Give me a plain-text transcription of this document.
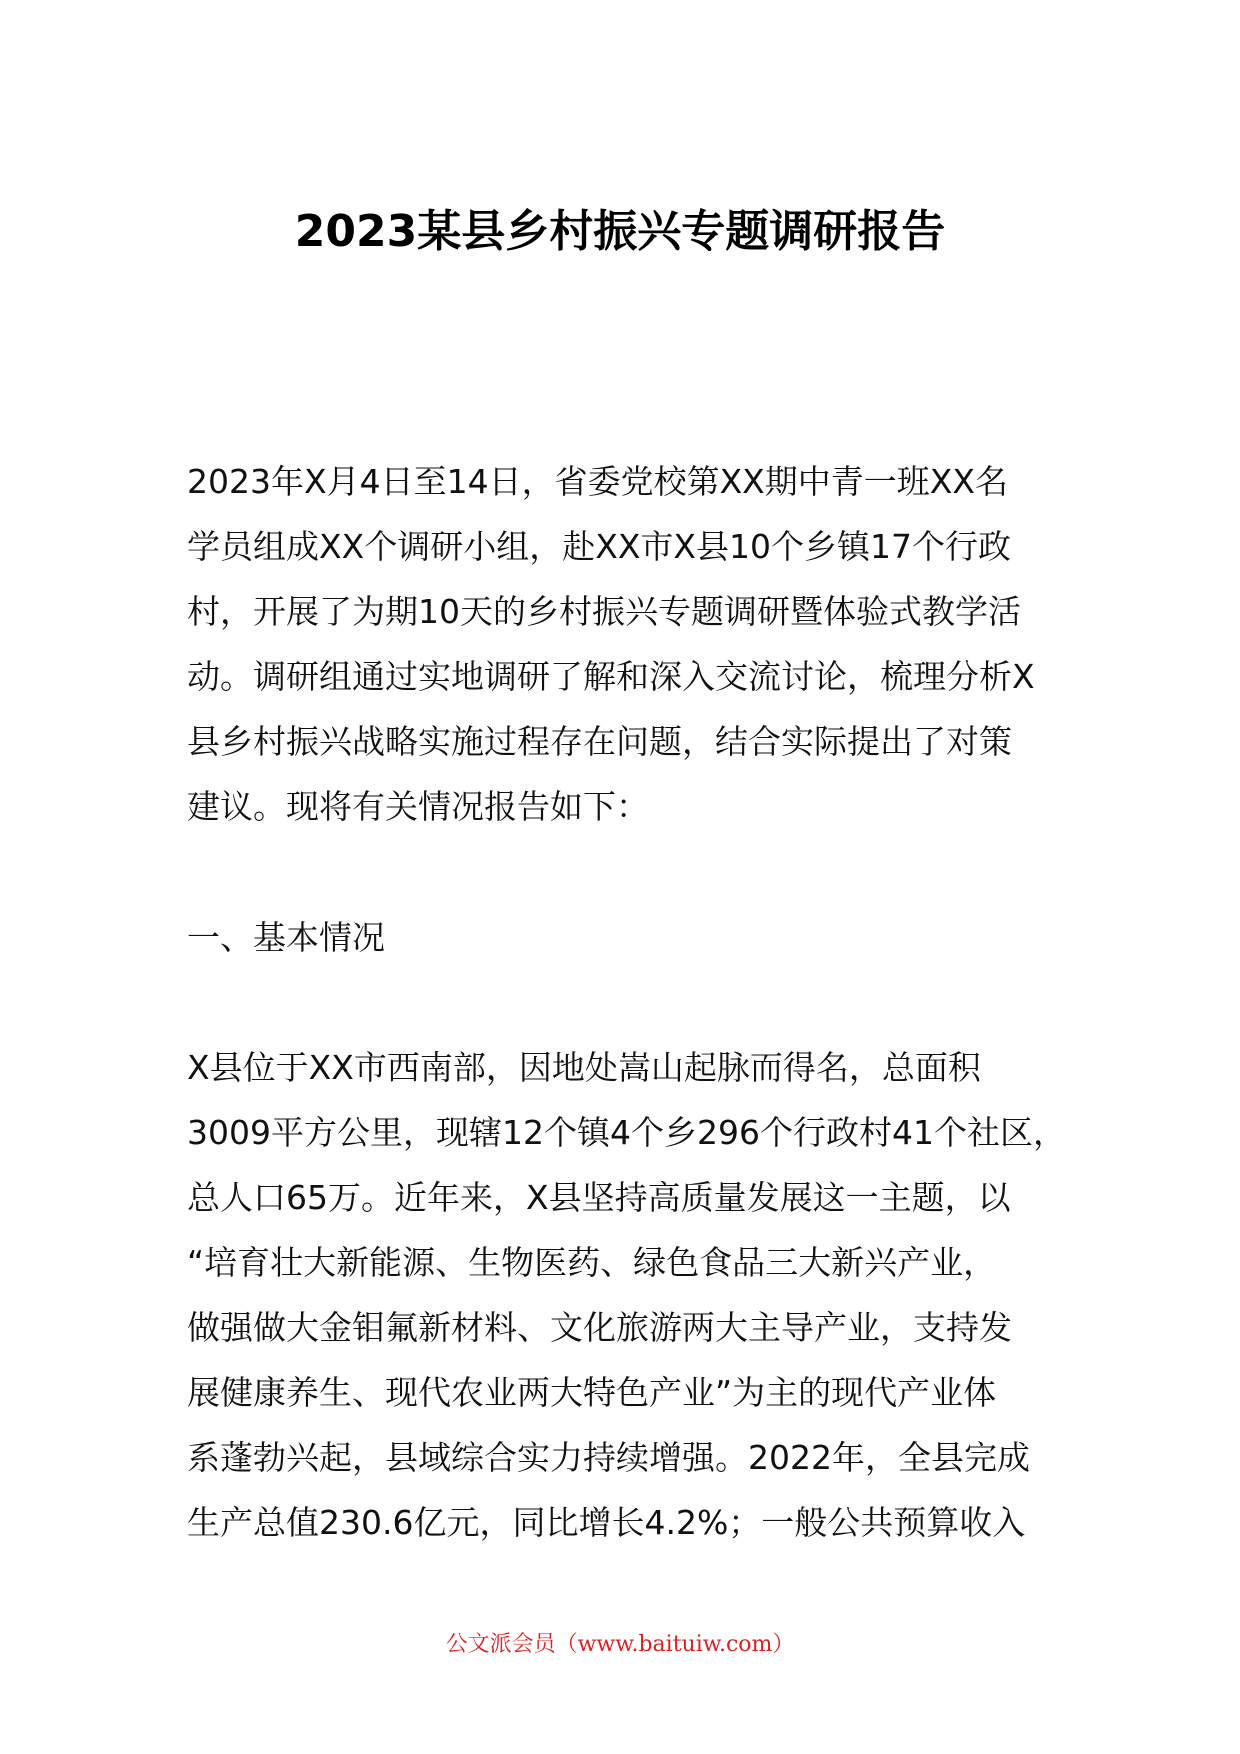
2023某县乡村振兴专题调研报告
2023年X月4日至14日，省委党校第XX期中青一班XX名
学员组成XX个调研小组，赴XX市X县10个乡镇17个行政
村，开展了为期10天的乡村振兴专题调研暨体验式教学活
动。调研组通过实地调研了解和深入交流讨论，梳理分析X
县乡村振兴战略实施过程存在问题，结合实际提出了对策
建议。现将有关情况报告如下：
一、基本情况
X县位于XX市西南部，因地处嵩山起脉而得名，总面积
3009平方公里，现辖12个镇4个乡296个行政村41个社区，
总人口65万。近年来，X县坚持高质量发展这一主题，以
“培育壮大新能源、生物医药、绿色食品三大新兴产业，
做强做大金钼氟新材料、文化旅游两大主导产业，支持发
展健康养生、现代农业两大特色产业”为主的现代产业体
系蓬勃兴起，县域综合实力持续增强。2022年，全县完成
生产总值230.6亿元，同比增长4.2%；一般公共预算收入
公文派会员（www.baituiw.com）
